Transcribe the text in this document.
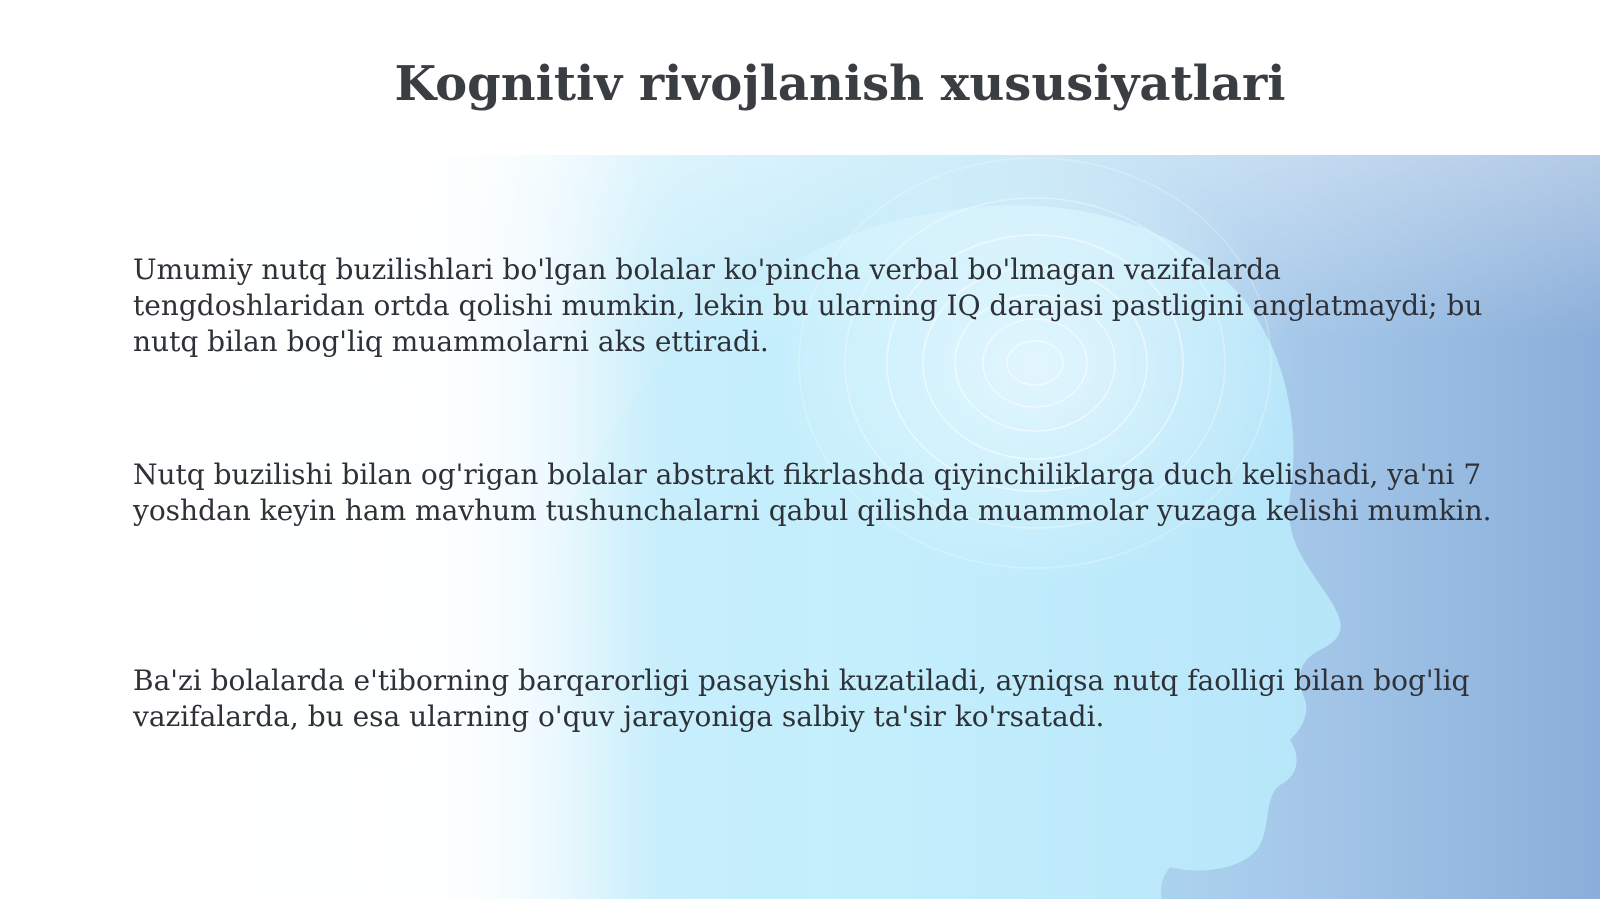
Kognitiv rivojlanish xususiyatlari

Umumiy nutq buzilishlari bo'lgan bolalar ko'pincha verbal bo'lmagan vazifalarda tengdoshlaridan ortda qolishi mumkin, lekin bu ularning IQ darajasi pastligini anglatmaydi; bu nutq bilan bog'liq muammolarni aks ettiradi.

Nutq buzilishi bilan og'rigan bolalar abstrakt fikrlashda qiyinchiliklarga duch kelishadi, ya'ni 7 yoshdan keyin ham mavhum tushunchalarni qabul qilishda muammolar yuzaga kelishi mumkin.

Ba'zi bolalarda e'tiborning barqarorligi pasayishi kuzatiladi, ayniqsa nutq faolligi bilan bog'liq vazifalarda, bu esa ularning o'quv jarayoniga salbiy ta'sir ko'rsatadi.
